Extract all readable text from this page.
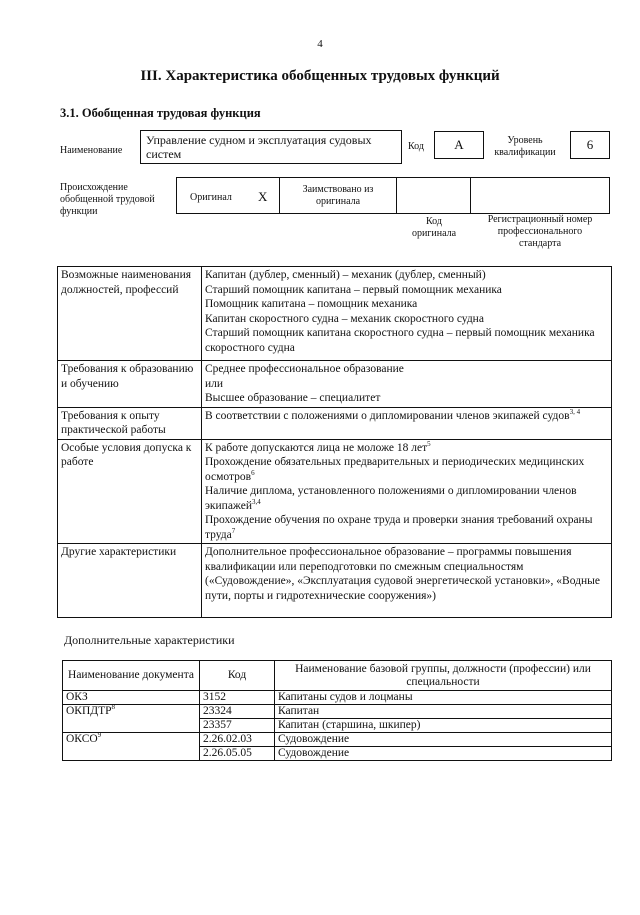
4
III. Характеристика обобщенных трудовых функций
3.1. Обобщенная трудовая функция
Наименование
Управление судном и эксплуатация судовых систем
Код	А	Уровень квалификации
6
Происхождение обобщенной трудовой функции
Оригинал X	Заимствовано из оригинала
Код оригинала
Регистрационный номер профессионального стандарта
Возможные наименования должностей, профессий	Капитан (дублер, сменный) – механик (дублер, сменный)
Старший помощник капитана – первый помощник механика
Помощник капитана – помощник механика
Капитан скоростного судна – механик скоростного судна
Старший помощник капитана скоростного судна – первый помощник механика скоростного судна

Требования к образованию и обучению	Среднее профессиональное образование
или
Высшее образование – специалитет

Требования к опыту практической работы	В соответствии с положениями о дипломировании членов экипажей судов$^{3, 4}$
Особые условия допуска к работе	К работе допускаются лица не моложе 18 лет$^5$
Прохождение обязательных предварительных и периодических медицинских осмотров$^6$
Наличие диплома, установленного положениями о дипломировании членов экипажей$^{3,4}$
Прохождение обучения по охране труда и проверки знания требований охраны труда$^7$

Другие характеристики	Дополнительное профессиональное образование – программы повышения квалификации или переподготовки по смежным специальностям («Судовождение», «Эксплуатация судовой энергетической установки», «Водные пути, порты и гидротехнические сооружения»)
Дополнительные характеристики
Наименование документа	Код	Наименование базовой группы, должности (профессии) или специальности
ОКЗ	3152	Капитаны судов и лоцманы
ОКПДТР$^8$	23324	Капитан
	23357	Капитан (старшина, шкипер)
ОКСО$^9$	2.26.02.03	Судовождение
	2.26.05.05	Судовождение
